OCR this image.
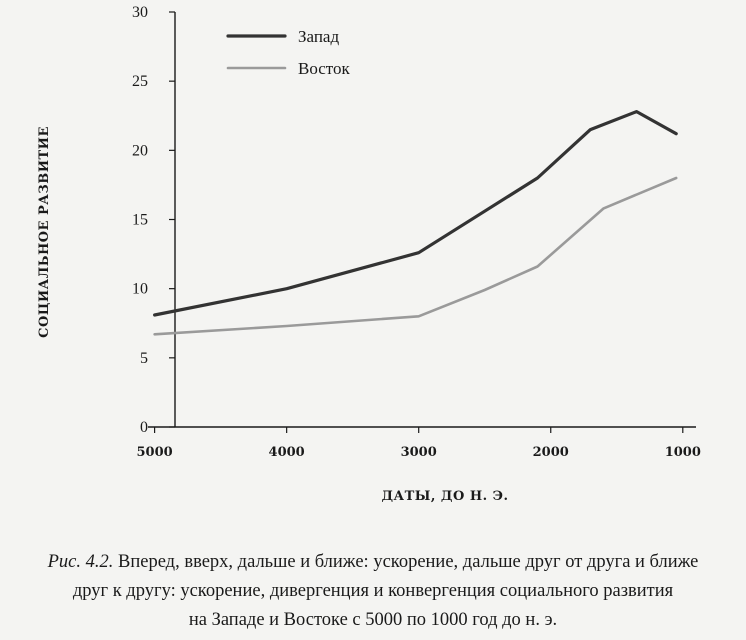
0
5
10
15
20
25
30
5000	4000	3000	2000	1000
Запад
Восток
СОЦИАЛЬНОЕ РАЗВИТИЕ
ДАТЫ, ДО Н. Э.
Рис. 4.2. Вперед, вверх, дальше и ближе: ускорение, дальше друг от друга и ближе
друг к другу: ускорение, дивергенция и конвергенция социального развития
на Западе и Востоке с 5000 по 1000 год до н. э.
